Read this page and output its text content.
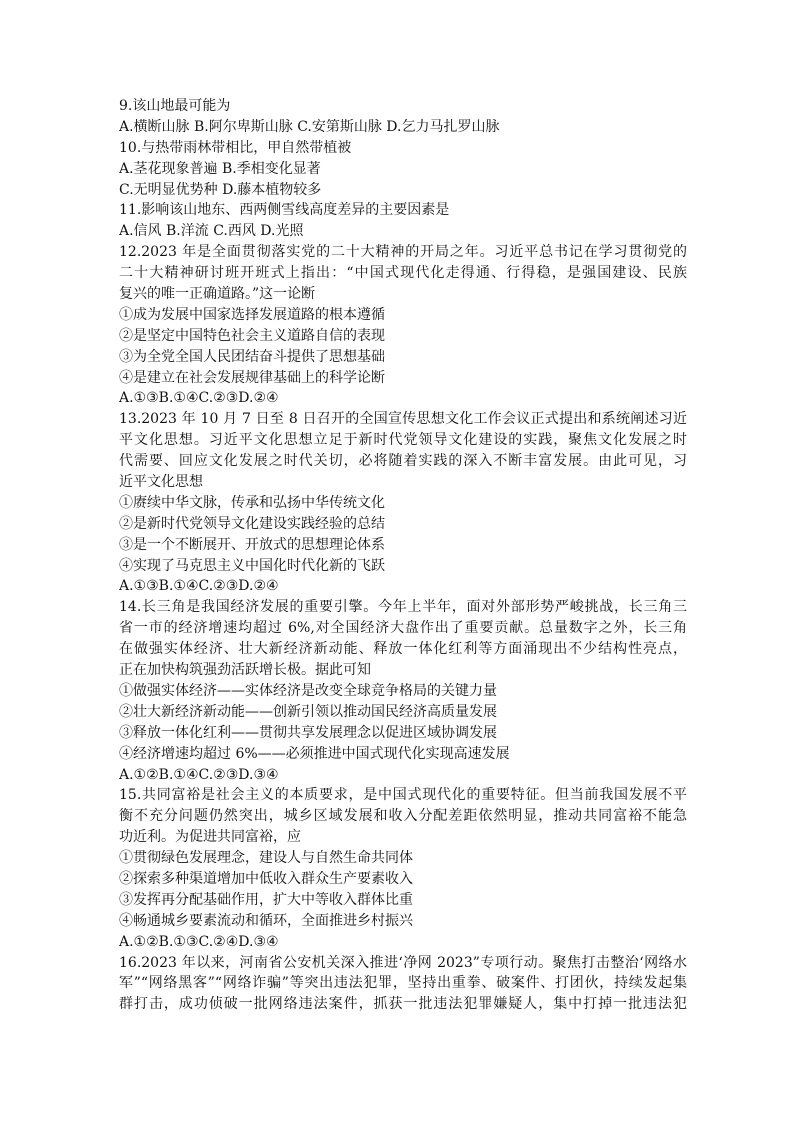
9.该山地最可能为
A.横断山脉 B.阿尔卑斯山脉 C.安第斯山脉 D.乞力马扎罗山脉
10.与热带雨林带相比，甲自然带植被
A.茎花现象普遍 B.季相变化显著
C.无明显优势种 D.藤本植物较多
11.影响该山地东、西两侧雪线高度差异的主要因素是
A.信风 B.洋流 C.西风 D.光照
12.2023 年是全面贯彻落实党的二十大精神的开局之年。习近平总书记在学习贯彻党的
二十大精神研讨班开班式上指出：“中国式现代化走得通、行得稳，是强国建设、民族
复兴的唯一正确道路。”这一论断
①成为发展中国家选择发展道路的根本遵循
②是坚定中国特色社会主义道路自信的表现
③为全党全国人民团结奋斗提供了思想基础
④是建立在社会发展规律基础上的科学论断
A.①③B.①④C.②③D.②④
13.2023 年 10 月 7 日至 8 日召开的全国宣传思想文化工作会议正式提出和系统阐述习近
平文化思想。习近平文化思想立足于新时代党领导文化建设的实践，聚焦文化发展之时
代需要、回应文化发展之时代关切，必将随着实践的深入不断丰富发展。由此可见，习
近平文化思想
①赓续中华文脉，传承和弘扬中华传统文化
②是新时代党领导文化建设实践经验的总结
③是一个不断展开、开放式的思想理论体系
④实现了马克思主义中国化时代化新的飞跃
A.①③B.①④C.②③D.②④
14.长三角是我国经济发展的重要引擎。今年上半年，面对外部形势严峻挑战，长三角三
省一市的经济增速均超过 6%,对全国经济大盘作出了重要贡献。总量数字之外，长三角
在做强实体经济、壮大新经济新动能、释放一体化红利等方面涌现出不少结构性亮点，
正在加快构筑强劲活跃增长极。据此可知
①做强实体经济——实体经济是改变全球竞争格局的关键力量
②壮大新经济新动能——创新引领以推动国民经济高质量发展
③释放一体化红利——贯彻共享发展理念以促进区域协调发展
④经济增速均超过 6%——必须推进中国式现代化实现高速发展
A.①②B.①④C.②③D.③④
15.共同富裕是社会主义的本质要求，是中国式现代化的重要特征。但当前我国发展不平
衡不充分问题仍然突出，城乡区域发展和收入分配差距依然明显，推动共同富裕不能急
功近利。为促进共同富裕，应
①贯彻绿色发展理念，建设人与自然生命共同体
②探索多种渠道增加中低收入群众生产要素收入
③发挥再分配基础作用，扩大中等收入群体比重
④畅通城乡要素流动和循环，全面推进乡村振兴
A.①②B.①③C.②④D.③④
16.2023 年以来，河南省公安机关深入推进‘净网 2023”专项行动。聚焦打击整治‘网络水
军”“网络黑客”“网络诈骗”等突出违法犯罪，坚持出重拳、破案件、打团伙，持续发起集
群打击，成功侦破一批网络违法案件，抓获一批违法犯罪嫌疑人，集中打掉一批违法犯
